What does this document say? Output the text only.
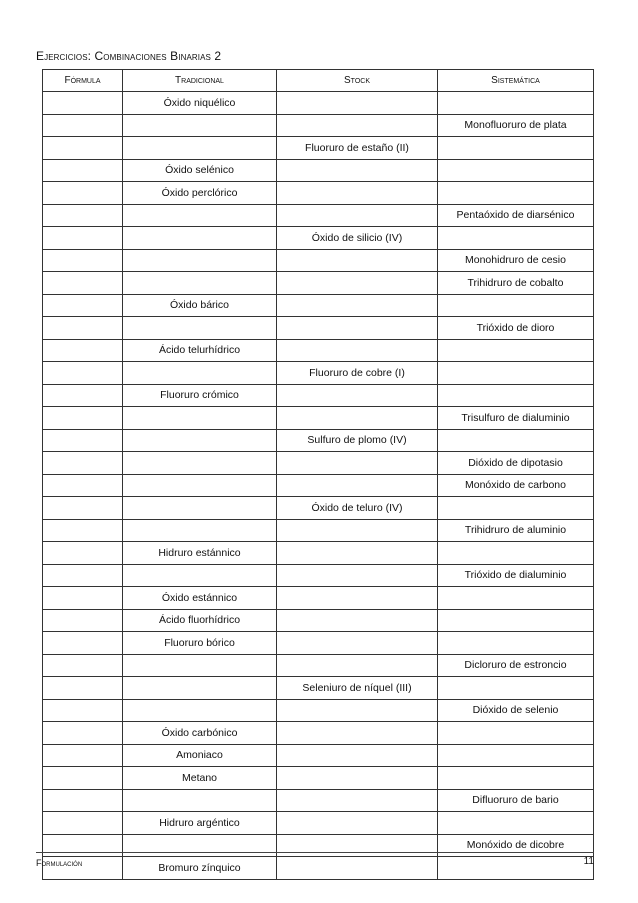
Ejercicios: Combinaciones Binarias 2
Fórmula	Tradicional	Stock	Sistemática
	Óxido niquélico		
			Monofluoruro de plata
		Fluoruro de estaño (II)	
	Óxido selénico		
	Óxido perclórico		
			Pentaóxido de diarsénico
		Óxido de silicio (IV)	
			Monohidruro de cesio
			Trihidruro de cobalto
	Óxido bárico		
			Trióxido de dioro
	Ácido telurhídrico		
		Fluoruro de cobre (I)	
	Fluoruro crómico		
			Trisulfuro de dialuminio
		Sulfuro de plomo (IV)	
			Dióxido de dipotasio
			Monóxido de carbono
		Óxido de teluro (IV)	
			Trihidruro de aluminio
	Hidruro estánnico		
			Trióxido de dialuminio
	Óxido estánnico		
	Ácido fluorhídrico		
	Fluoruro bórico		
			Dicloruro de estroncio
		Seleniuro de níquel (III)	
			Dióxido de selenio
	Óxido carbónico		
	Amoniaco		
	Metano		
			Difluoruro de bario
	Hidruro argéntico		
			Monóxido de dicobre
	Bromuro zínquico		
Formulación	11
